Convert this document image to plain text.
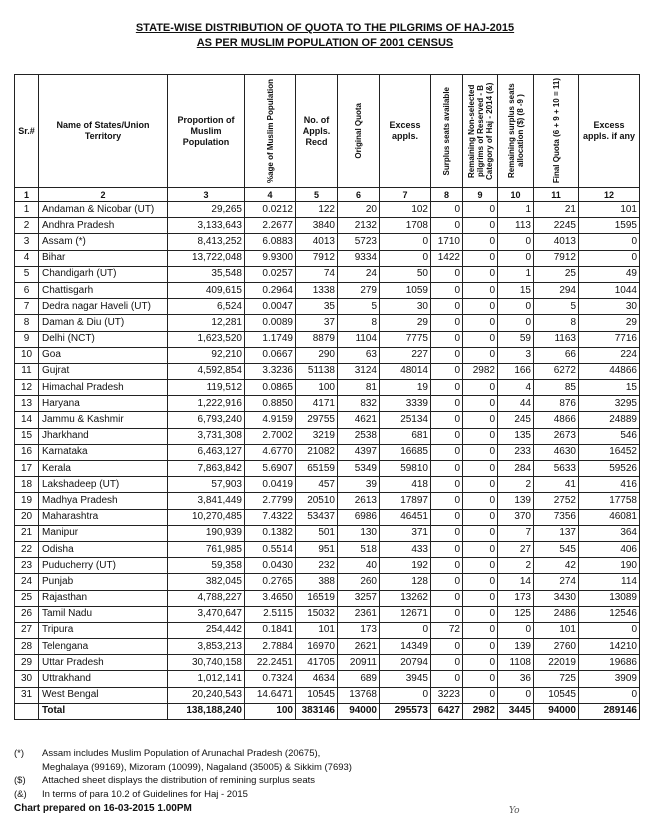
STATE-WISE DISTRIBUTION OF QUOTA TO THE PILGRIMS OF HAJ-2015
AS PER MUSLIM POPULATION OF 2001 CENSUS
Sr.#	Name of States/Union Territory	Proportion of Muslim Population	%age of Muslim Population	No. of Appls. Recd	Original Quota	Excess appls.	Surplus seats available	Remaining Non-selected pilgrims of Reserved - B Category of Haj - 2014 (&)	Remaining surplus seats allocation ($) (8 -9 )	Final Quota (6 + 9 + 10 = 11)	Excess appls. if any
1	2	3	4	5	6	7	8	9	10	11	12
1	Andaman & Nicobar (UT)	29,265	0.0212	122	20	102	0	0	1	21	101
2	Andhra Pradesh	3,133,643	2.2677	3840	2132	1708	0	0	113	2245	1595
3	Assam (*)	8,413,252	6.0883	4013	5723	0	1710	0	0	4013	0
4	Bihar	13,722,048	9.9300	7912	9334	0	1422	0	0	7912	0
5	Chandigarh (UT)	35,548	0.0257	74	24	50	0	0	1	25	49
6	Chattisgarh	409,615	0.2964	1338	279	1059	0	0	15	294	1044
7	Dedra nagar Haveli (UT)	6,524	0.0047	35	5	30	0	0	0	5	30
8	Daman & Diu (UT)	12,281	0.0089	37	8	29	0	0	0	8	29
9	Delhi (NCT)	1,623,520	1.1749	8879	1104	7775	0	0	59	1163	7716
10	Goa	92,210	0.0667	290	63	227	0	0	3	66	224
11	Gujrat	4,592,854	3.3236	51138	3124	48014	0	2982	166	6272	44866
12	Himachal Pradesh	119,512	0.0865	100	81	19	0	0	4	85	15
13	Haryana	1,222,916	0.8850	4171	832	3339	0	0	44	876	3295
14	Jammu & Kashmir	6,793,240	4.9159	29755	4621	25134	0	0	245	4866	24889
15	Jharkhand	3,731,308	2.7002	3219	2538	681	0	0	135	2673	546
16	Karnataka	6,463,127	4.6770	21082	4397	16685	0	0	233	4630	16452
17	Kerala	7,863,842	5.6907	65159	5349	59810	0	0	284	5633	59526
18	Lakshadeep (UT)	57,903	0.0419	457	39	418	0	0	2	41	416
19	Madhya Pradesh	3,841,449	2.7799	20510	2613	17897	0	0	139	2752	17758
20	Maharashtra	10,270,485	7.4322	53437	6986	46451	0	0	370	7356	46081
21	Manipur	190,939	0.1382	501	130	371	0	0	7	137	364
22	Odisha	761,985	0.5514	951	518	433	0	0	27	545	406
23	Puducherry (UT)	59,358	0.0430	232	40	192	0	0	2	42	190
24	Punjab	382,045	0.2765	388	260	128	0	0	14	274	114
25	Rajasthan	4,788,227	3.4650	16519	3257	13262	0	0	173	3430	13089
26	Tamil Nadu	3,470,647	2.5115	15032	2361	12671	0	0	125	2486	12546
27	Tripura	254,442	0.1841	101	173	0	72	0	0	101	0
28	Telengana	3,853,213	2.7884	16970	2621	14349	0	0	139	2760	14210
29	Uttar Pradesh	30,740,158	22.2451	41705	20911	20794	0	0	1108	22019	19686
30	Uttrakhand	1,012,141	0.7324	4634	689	3945	0	0	36	725	3909
31	West Bengal	20,240,543	14.6471	10545	13768	0	3223	0	0	10545	0
	Total	138,188,240	100	383146	94000	295573	6427	2982	3445	94000	289146
(*)	Assam includes Muslim Population of Arunachal Pradesh (20675),
Meghalaya (99169), Mizoram (10099), Nagaland (35005) & Sikkim (7693)
($)	Attached sheet displays the distribution of remining surplus seats
(&)	In terms of para 10.2 of Guidelines for Haj - 2015
Chart prepared on 16-03-2015 1.00PM	Yo
